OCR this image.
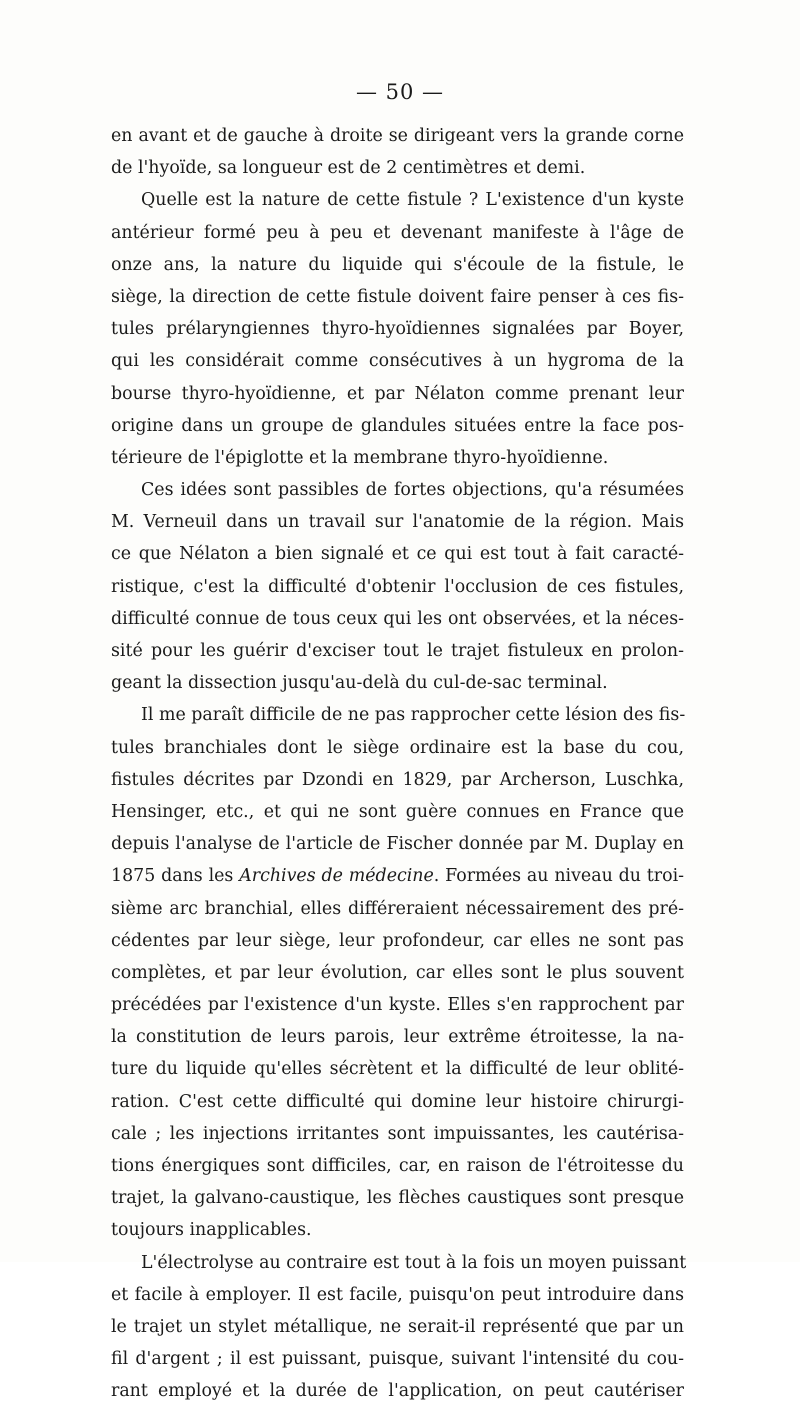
— 50 —
en avant et de gauche à droite se dirigeant vers la grande corne
de l'hyoïde, sa longueur est de 2 centimètres et demi.
Quelle est la nature de cette fistule ? L'existence d'un kyste
antérieur formé peu à peu et devenant manifeste à l'âge de
onze ans, la nature du liquide qui s'écoule de la fistule, le
siège, la direction de cette fistule doivent faire penser à ces fis-
tules prélaryngiennes thyro-hyoïdiennes signalées par Boyer,
qui les considérait comme consécutives à un hygroma de la
bourse thyro-hyoïdienne, et par Nélaton comme prenant leur
origine dans un groupe de glandules situées entre la face pos-
térieure de l'épiglotte et la membrane thyro-hyoïdienne.
Ces idées sont passibles de fortes objections, qu'a résumées
M. Verneuil dans un travail sur l'anatomie de la région. Mais
ce que Nélaton a bien signalé et ce qui est tout à fait caracté-
ristique, c'est la difficulté d'obtenir l'occlusion de ces fistules,
difficulté connue de tous ceux qui les ont observées, et la néces-
sité pour les guérir d'exciser tout le trajet fistuleux en prolon-
geant la dissection jusqu'au-delà du cul-de-sac terminal.
Il me paraît difficile de ne pas rapprocher cette lésion des fis-
tules branchiales dont le siège ordinaire est la base du cou,
fistules décrites par Dzondi en 1829, par Archerson, Luschka,
Hensinger, etc., et qui ne sont guère connues en France que
depuis l'analyse de l'article de Fischer donnée par M. Duplay en
1875 dans les Archives de médecine. Formées au niveau du troi-
sième arc branchial, elles différeraient nécessairement des pré-
cédentes par leur siège, leur profondeur, car elles ne sont pas
complètes, et par leur évolution, car elles sont le plus souvent
précédées par l'existence d'un kyste. Elles s'en rapprochent par
la constitution de leurs parois, leur extrême étroitesse, la na-
ture du liquide qu'elles sécrètent et la difficulté de leur oblité-
ration. C'est cette difficulté qui domine leur histoire chirurgi-
cale ; les injections irritantes sont impuissantes, les cautérisa-
tions énergiques sont difficiles, car, en raison de l'étroitesse du
trajet, la galvano-caustique, les flèches caustiques sont presque
toujours inapplicables.
L'électrolyse au contraire est tout à la fois un moyen puissant
et facile à employer. Il est facile, puisqu'on peut introduire dans
le trajet un stylet métallique, ne serait-il représenté que par un
fil d'argent ; il est puissant, puisque, suivant l'intensité du cou-
rant employé et la durée de l'application, on peut cautériser
